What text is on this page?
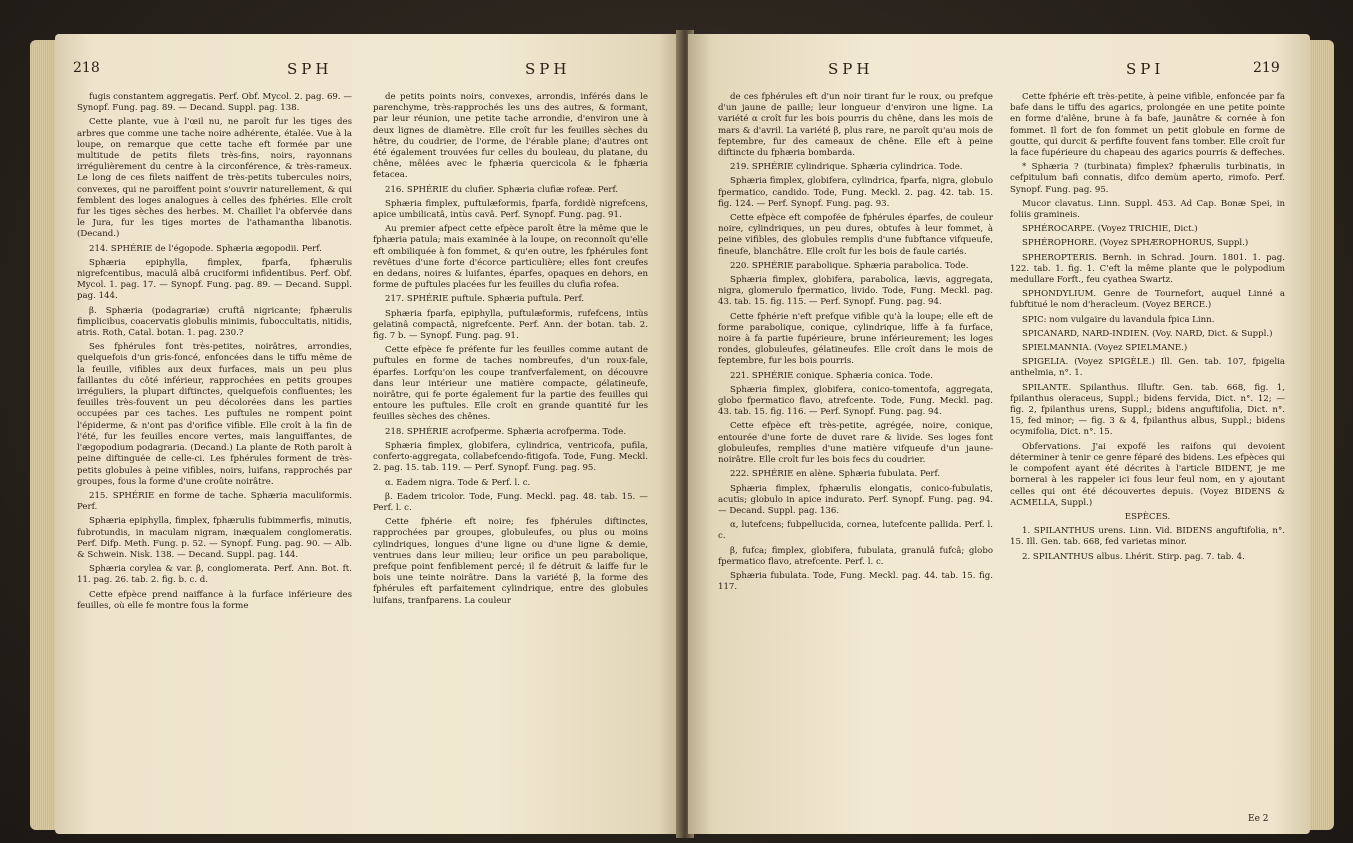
218	SPH	SPH

fugis constantem aggregatis. Perf. Obf. Mycol. 2. pag. 69. — Synopf. Fung. pag. 89. — Decand. Suppl. pag. 138.

Cette plante, vue à l'œil nu, ne paroît fur les tiges des arbres que comme une tache noire adhérente, étalée. Vue à la loupe, on remarque que cette tache eft formée par une multitude de petits filets très-fins, noirs, rayonnans irrégulièrement du centre à la circonférence, & très-rameux. Le long de ces filets naiffent de très-petits tubercules noirs, convexes, qui ne paroiffent point s'ouvrir naturellement, & qui femblent des loges analogues à celles des fphéries. Elle croît fur les tiges sèches des herbes. M. Chaillet l'a obfervée dans le Jura, fur les tiges mortes de l'athamantha libanotis. (Decand.)

214. SPHÉRIE de l'égopode. Sphæria ægopodii. Perf.

Sphæria epiphylla, fimplex, fparfa, fphærulis nigrefcentibus, maculâ albâ cruciformi infidentibus. Perf. Obf. Mycol. 1. pag. 17. — Synopf. Fung. pag. 89. — Decand. Suppl. pag. 144.

β. Sphæria (podagrariæ) cruftâ nigricante; fphærulis fimplicibus, coacervatis globulis minimis, fuboccultatis, nitidis, atris. Roth, Catal. botan. 1. pag. 230.?

Ses fphérules font très-petites, noirâtres, arrondies, quelquefois d'un gris-foncé, enfoncées dans le tiffu même de la feuille, vifibles aux deux furfaces, mais un peu plus faillantes du côté inférieur, rapprochées en petits groupes irréguliers, la plupart diftinctes, quelquefois confluentes; les feuilles très-fouvent un peu décolorées dans les parties occupées par ces taches. Les puftules ne rompent point l'épiderme, & n'ont pas d'orifice vifible. Elle croît à la fin de l'été, fur les feuilles encore vertes, mais languiffantes, de l'ægopodium podagraria. (Decand.) La plante de Roth paroît à peine diftinguée de celle-ci. Les fphérules forment de très-petits globules à peine vifibles, noirs, luifans, rapprochés par groupes, fous la forme d'une croûte noirâtre.

215. SPHÉRIE en forme de tache. Sphæria maculiformis. Perf.

Sphæria epiphylla, fimplex, fphærulis fubimmerfis, minutis, fubrotundis, in maculam nigram, inæqualem conglomeratis. Perf. Difp. Meth. Fung. p. 52. — Synopf. Fung. pag. 90. — Alb. & Schwein. Nisk. 138. — Decand. Suppl. pag. 144.

Sphæria corylea & var. β, conglomerata. Perf. Ann. Bot. ft. 11. pag. 26. tab. 2. fig. b. c. d.

Cette efpèce prend naiffance à la furface inférieure des feuilles, où elle fe montre fous la forme

de petits points noirs, convexes, arrondis, inférés dans le parenchyme, très-rapprochés les uns des autres, & formant, par leur réunion, une petite tache arrondie, d'environ une à deux lignes de diamètre. Elle croît fur les feuilles sèches du hêtre, du coudrier, de l'orme, de l'érable plane; d'autres ont été également trouvées fur celles du bouleau, du platane, du chêne, mêlées avec le fphæria quercicola & le fphæria fetacea.

216. SPHÉRIE du clufier. Sphæria clufiæ rofeæ. Perf.

Sphæria fimplex, puftulæformis, fparfa, fordidè nigrefcens, apice umbilicatâ, intùs cavâ. Perf. Synopf. Fung. pag. 91.

Au premier afpect cette efpèce paroît être la même que le fphæria patula; mais examinée à la loupe, on reconnoît qu'elle eft ombiliquée à fon fommet, & qu'en outre, les fphérules font revêtues d'une forte d'écorce particulière; elles font creufes en dedans, noires & luifantes, éparfes, opaques en dehors, en forme de puftules placées fur les feuilles du clufia rofea.

217. SPHÉRIE puftule. Sphæria puftula. Perf.

Sphæria fparfa, epiphylla, puftulæformis, rufefcens, intùs gelatinâ compactâ, nigrefcente. Perf. Ann. der botan. tab. 2. fig. 7 b. — Synopf. Fung. pag. 91.

Cette efpèce fe préfente fur les feuilles comme autant de puftules en forme de taches nombreufes, d'un roux-fale, éparfes. Lorfqu'on les coupe tranfverfalement, on découvre dans leur intérieur une matière compacte, gélatineufe, noirâtre, qui fe porte également fur la partie des feuilles qui entoure les puftules. Elle croît en grande quantité fur les feuilles sèches des chênes.

218. SPHÉRIE acrofperme. Sphæria acrofperma. Tode.

Sphæria fimplex, globifera, cylindrica, ventricofa, pufila, conferto-aggregata, collabefcendo-fitigofa. Tode, Fung. Meckl. 2. pag. 15. tab. 119. — Perf. Synopf. Fung. pag. 95.

α. Eadem nigra. Tode & Perf. l. c.

β. Eadem tricolor. Tode, Fung. Meckl. pag. 48. tab. 15. — Perf. l. c.

Cette fphérie eft noire; fes fphérules diftinctes, rapprochées par groupes, globuleufes, ou plus ou moins cylindriques, longues d'une ligne ou d'une ligne & demie, ventrues dans leur milieu; leur orifice un peu parabolique, prefque point fenfiblement percé; il fe détruit & laiffe fur le bois une teinte noirâtre. Dans la variété β, la forme des fphérules eft parfaitement cylindrique, entre des globules luifans, tranfparens. La couleur

SPH	SPI	219

de ces fphérules eft d'un noir tirant fur le roux, ou prefque d'un jaune de paille; leur longueur d'environ une ligne. La variété α croît fur les bois pourris du chêne, dans les mois de mars & d'avril. La variété β, plus rare, ne paroît qu'au mois de feptembre, fur des cameaux de chêne. Elle eft à peine diftincte du fphæria bombarda.

219. SPHÉRIE cylindrique. Sphæria cylindrica. Tode.

Sphæria fimplex, globifera, cylindrica, fparfa, nigra, globulo fpermatico, candido. Tode, Fung. Meckl. 2. pag. 42. tab. 15. fig. 124. — Perf. Synopf. Fung. pag. 93.

Cette efpèce eft compofée de fphérules éparfes, de couleur noire, cylindriques, un peu dures, obtufes à leur fommet, à peine vifibles, des globules remplis d'une fubftance vifqueufe, fineufe, blanchâtre. Elle croît fur les bois de faule cariés.

220. SPHÉRIE parabolique. Sphæria parabolica. Tode.

Sphæria fimplex, globifera, parabolica, lævis, aggregata, nigra, glomerulo fpermatico, livido. Tode, Fung. Meckl. pag. 43. tab. 15. fig. 115. — Perf. Synopf. Fung. pag. 94.

Cette fphérie n'eft prefque vifible qu'à la loupe; elle eft de forme parabolique, conique, cylindrique, liffe à fa furface, noire à fa partie fupérieure, brune inférieurement; les loges rondes, globuleufes, gélatineufes. Elle croît dans le mois de feptembre, fur les bois pourris.

221. SPHÉRIE conique. Sphæria conica. Tode.

Sphæria fimplex, globifera, conico-tomentofa, aggregata, globo fpermatico flavo, atrefcente. Tode, Fung. Meckl. pag. 43. tab. 15. fig. 116. — Perf. Synopf. Fung. pag. 94.

Cette efpèce eft très-petite, agrégée, noire, conique, entourée d'une forte de duvet rare & livide. Ses loges font globuleufes, remplies d'une matière vifqueufe d'un jaune-noirâtre. Elle croît fur les bois fecs du coudrier.

222. SPHÉRIE en alène. Sphæria fubulata. Perf.

Sphæria fimplex, fphærulis elongatis, conico-fubulatis, acutis; globulo in apice indurato. Perf. Synopf. Fung. pag. 94. — Decand. Suppl. pag. 136.

α, lutefcens; fubpellucida, cornea, lutefcente pallida. Perf. l. c.

β, fufca; fimplex, globifera, fubulata, granulâ fufcâ; globo fpermatico flavo, atrefcente. Perf. l. c.

Sphæria fubulata. Tode, Fung. Meckl. pag. 44. tab. 15. fig. 117.

Cette fphérie eft très-petite, à peine vifible, enfoncée par fa bafe dans le tiffu des agarics, prolongée en une petite pointe en forme d'alêne, brune à fa bafe, jaunâtre & cornée à fon fommet. Il fort de fon fommet un petit globule en forme de goutte, qui durcit & perfifte fouvent fans tomber. Elle croît fur la face fupérieure du chapeau des agarics pourris & deffeches.

* Sphæria ? (turbinata) fimplex? fphærulis turbinatis, in cefpitulum bafi connatis, difco demùm aperto, rimofo. Perf. Synopf. Fung. pag. 95.

Mucor clavatus. Linn. Suppl. 453. Ad Cap. Bonæ Spei, in foliis gramineis.

SPHÉROCARPE. (Voyez TRICHIE, Dict.)

SPHÉROPHORE. (Voyez SPHÆROPHORUS, Suppl.)

SPHEROPTERIS. Bernh. in Schrad. Journ. 1801. 1. pag. 122. tab. 1. fig. 1. C'eft la même plante que le polypodium medullare Forft., feu cyathea Swartz.

SPHONDYLIUM. Genre de Tournefort, auquel Linné a fubftitué le nom d'heracleum. (Voyez BERCE.)

SPIC: nom vulgaire du lavandula fpica Linn.

SPICANARD, NARD-INDIEN. (Voy. NARD, Dict. & Suppl.)

SPIELMANNIA. (Voyez SPIELMANE.)

SPIGELIA. (Voyez SPIGÈLE.) Ill. Gen. tab. 107, fpigelia anthelmia, n°. 1.

SPILANTE. Spilanthus. Illuftr. Gen. tab. 668, fig. 1, fpilanthus oleraceus, Suppl.; bidens fervida, Dict. n°. 12; — fig. 2, fpilanthus urens, Suppl.; bidens anguftifolia, Dict. n°. 15, fed minor; — fig. 3 & 4, fpilanthus albus, Suppl.; bidens ocymifolia, Dict. n°. 15.

Obfervations. J'ai expofé les raifons qui devoient déterminer à tenir ce genre féparé des bidens. Les efpèces qui le compofent ayant été décrites à l'article BIDENT, je me bornerai à les rappeler ici fous leur feul nom, en y ajoutant celles qui ont été découvertes depuis. (Voyez BIDENS & ACMELLA, Suppl.)

ESPÈCES.

1. SPILANTHUS urens. Linn. Vid. BIDENS anguftifolia, n°. 15. Ill. Gen. tab. 668, fed varietas minor.

2. SPILANTHUS albus. Lhérit. Stirp. pag. 7. tab. 4.

Ee 2
